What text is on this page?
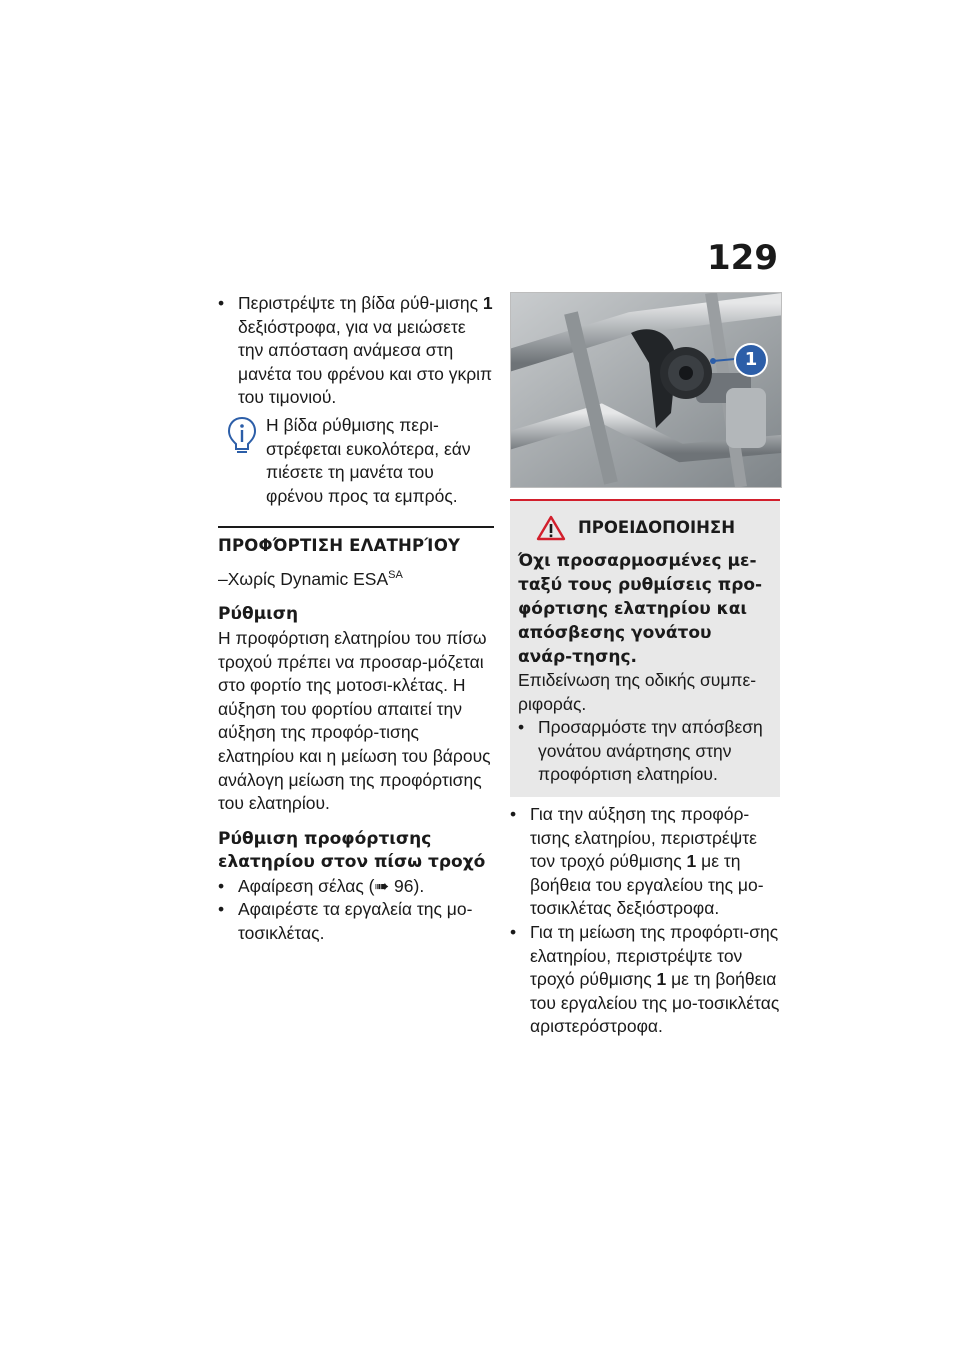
129

• Περιστρέψτε τη βίδα ρύθ-μισης 1 δεξιόστροφα, για να μειώσετε την απόσταση ανάμεσα στη μανέτα του φρένου και στο γκριπ του τιμονιού.

Η βίδα ρύθμισης περι-στρέφεται ευκολότερα, εάν πιέσετε τη μανέτα του φρένου προς τα εμπρός.
ΠΡΟΦΌΡΤΙΣΗ ΕΛΑΤΗΡΊΟΥ
–Χωρίς Dynamic $ESA^{SA}$
Ρύθμιση

Η προφόρτιση ελατηρίου του πίσω τροχού πρέπει να προσαρ-μόζεται στο φορτίο της μοτοσι-κλέτας. Η αύξηση του φορτίου απαιτεί την αύξηση της προφόρ-τισης ελατηρίου και η μείωση του βάρους ανάλογη μείωση της προφόρτισης του ελατηρίου.

Ρύθμιση προφόρτισης ελατηρίου στον πίσω τροχό

• Αφαίρεση σέλας (➠ 96).

• Αφαιρέστε τα εργαλεία της μο-τοσικλέτας.

1
ΠΡΟΕΙΔΟΠΟΙΗΣΗ
Όχι προσαρμοσμένες με-ταξύ τους ρυθμίσεις προ-φόρτισης ελατηρίου και απόσβεσης γονάτου ανάρ-τησης.
Επιδείνωση της οδικής συμπε-ριφοράς.

• Προσαρμόστε την απόσβεση γονάτου ανάρτησης στην προφόρτιση ελατηρίου.

• Για την αύξηση της προφόρ-τισης ελατηρίου, περιστρέψτε τον τροχό ρύθμισης 1 με τη βοήθεια του εργαλείου της μο-τοσικλέτας δεξιόστροφα.

• Για τη μείωση της προφόρτι-σης ελατηρίου, περιστρέψτε τον τροχό ρύθμισης 1 με τη βοήθεια του εργαλείου της μο-τοσικλέτας αριστερόστροφα.
